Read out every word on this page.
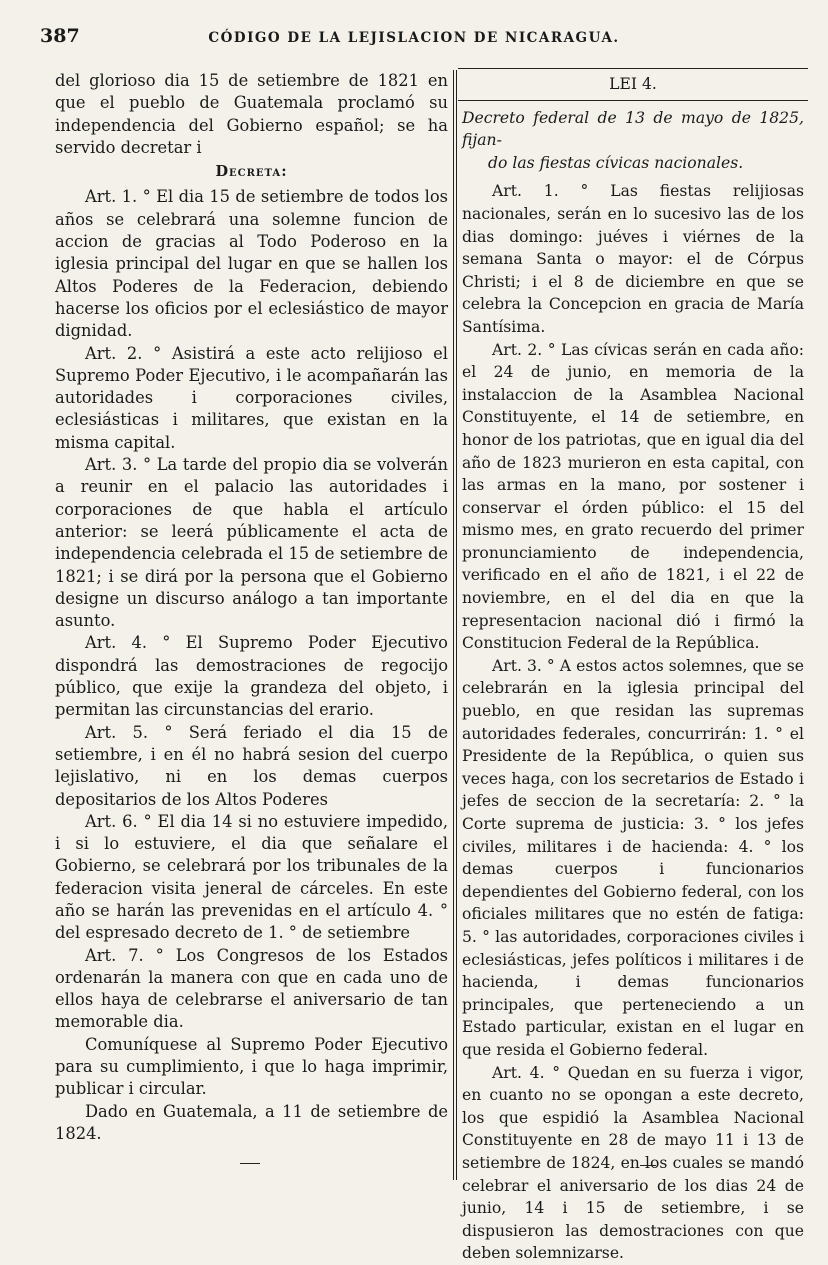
387	CÓDIGO DE LA LEJISLACION DE NICARAGUA.

del glorioso dia 15 de setiembre de 1821 en que el pueblo de Guatemala proclamó su independencia del Gobierno español; se ha servido decretar i

Decreta:

Art. 1. ° El dia 15 de setiembre de todos los años se celebrará una solemne funcion de accion de gracias al Todo Poderoso en la iglesia principal del lugar en que se hallen los Altos Poderes de la Federacion, debiendo hacerse los oficios por el eclesiástico de mayor dignidad.

Art. 2. ° Asistirá a este acto relijioso el Supremo Poder Ejecutivo, i le acompañarán las autoridades i corporaciones civiles, eclesiásticas i militares, que existan en la misma capital.

Art. 3. ° La tarde del propio dia se volverán a reunir en el palacio las autoridades i corporaciones de que habla el artículo anterior: se leerá públicamente el acta de independencia celebrada el 15 de setiembre de 1821; i se dirá por la persona que el Gobierno designe un discurso análogo a tan importante asunto.

Art. 4. ° El Supremo Poder Ejecutivo dispondrá las demostraciones de regocijo público, que exije la grandeza del objeto, i permitan las circunstancias del erario.

Art. 5. ° Será feriado el dia 15 de setiembre, i en él no habrá sesion del cuerpo lejislativo, ni en los demas cuerpos depositarios de los Altos Poderes

Art. 6. ° El dia 14 si no estuviere impedido, i si lo estuviere, el dia que señalare el Gobierno, se celebrará por los tribunales de la federacion visita jeneral de cárceles. En este año se harán las prevenidas en el artículo 4. ° del espresado decreto de 1. ° de setiembre

Art. 7. ° Los Congresos de los Estados ordenarán la manera con que en cada uno de ellos haya de celebrarse el aniversario de tan memorable dia.

Comuníquese al Supremo Poder Ejecutivo para su cumplimiento, i que lo haga imprimir, publicar i circular.

Dado en Guatemala, a 11 de setiembre de 1824.

LEI 4.

Decreto federal de 13 de mayo de 1825, fijan-
do las fiestas cívicas nacionales.

Art. 1. ° Las fiestas relijiosas nacionales, serán en lo sucesivo las de los dias domingo: juéves i viérnes de la semana Santa o mayor: el de Córpus Christi; i el 8 de diciembre en que se celebra la Concepcion en gracia de María Santísima.

Art. 2. ° Las cívicas serán en cada año: el 24 de junio, en memoria de la instalaccion de la Asamblea Nacional Constituyente, el 14 de setiembre, en honor de los patriotas, que en igual dia del año de 1823 murieron en esta capital, con las armas en la mano, por sostener i conservar el órden público: el 15 del mismo mes, en grato recuerdo del primer pronunciamiento de independencia, verificado en el año de 1821, i el 22 de noviembre, en el del dia en que la representacion nacional dió i firmó la Constitucion Federal de la República.

Art. 3. ° A estos actos solemnes, que se celebrarán en la iglesia principal del pueblo, en que residan las supremas autoridades federales, concurrirán: 1. ° el Presidente de la República, o quien sus veces haga, con los secretarios de Estado i jefes de seccion de la secretaría: 2. ° la Corte suprema de justicia: 3. ° los jefes civiles, militares i de hacienda: 4. ° los demas cuerpos i funcionarios dependientes del Gobierno federal, con los oficiales militares que no estén de fatiga: 5. ° las autoridades, corporaciones civiles i eclesiásticas, jefes políticos i militares i de hacienda, i demas funcionarios principales, que perteneciendo a un Estado particular, existan en el lugar en que resida el Gobierno federal.

Art. 4. ° Quedan en su fuerza i vigor, en cuanto no se opongan a este decreto, los que espidió la Asamblea Nacional Constituyente en 28 de mayo 11 i 13 de setiembre de 1824, en los cuales se mandó celebrar el aniversario de los dias 24 de junio, 14 i 15 de setiembre, i se dispusieron las demostraciones con que deben solemnizarse.
